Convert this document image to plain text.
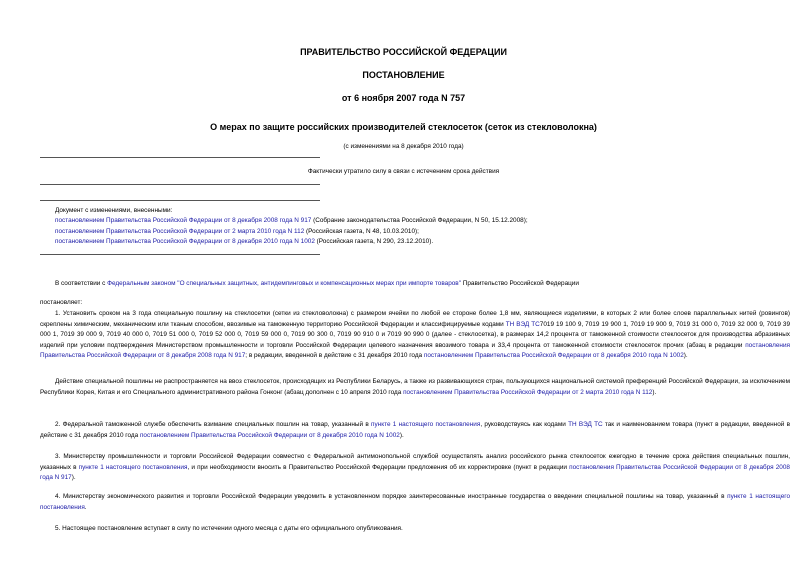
ПРАВИТЕЛЬСТВО РОССИЙСКОЙ ФЕДЕРАЦИИ
ПОСТАНОВЛЕНИЕ
от 6 ноября 2007 года N 757
О мерах по защите российских производителей стеклосеток (сеток из стекловолокна)
(с изменениями на 8 декабря 2010 года)
Фактически утратило силу в связи с истечением срока действия
Документ с изменениями, внесенными:
постановлением Правительства Российской Федерации от 8 декабря 2008 года N 917 (Собрание законодательства Российской Федерации, N 50, 15.12.2008);
постановлением Правительства Российской Федерации от 2 марта 2010 года N 112 (Российская газета, N 48, 10.03.2010);
постановлением Правительства Российской Федерации от 8 декабря 2010 года N 1002 (Российская газета, N 290, 23.12.2010).
В соответствии с Федеральным законом "О специальных защитных, антидемпинговых и компенсационных мерах при импорте товаров" Правительство Российской Федерации
постановляет:
1. Установить сроком на 3 года специальную пошлину на стеклосетки (сетки из стекловолокна) с размером ячейки по любой ее стороне более 1,8 мм, являющиеся изделиями, в которых 2 или более слоев параллельных нитей (ровингов) скреплены химическим, механическим или тканым способом, ввозимые на таможенную территорию Российской Федерации и классифицируемые кодами ТН ВЭД ТС7019 19 100 9, 7019 19 900 1, 7019 19 900 9, 7019 31 000 0, 7019 32 000 9, 7019 39 000 1, 7019 39 000 9, 7019 40 000 0, 7019 51 000 0, 7019 52 000 0, 7019 59 000 0, 7019 90 300 0, 7019 90 910 0 и 7019 90 990 0 (далее - стеклосетка), в размерах 14,2 процента от таможенной стоимости стеклосеток для производства абразивных изделий при условии подтверждения Министерством промышленности и торговли Российской Федерации целевого назначения ввозимого товара и 33,4 процента от таможенной стоимости стеклосеток прочих (абзац в редакции постановления Правительства Российской Федерации от 8 декабря 2008 года N 917; в редакции, введенной в действие с 31 декабря 2010 года постановлением Правительства Российской Федерации от 8 декабря 2010 года N 1002).
Действие специальной пошлины не распространяется на ввоз стеклосеток, происходящих из Республики Беларусь, а также из развивающихся стран, пользующихся национальной системой преференций Российской Федерации, за исключением Республики Корея, Китая и его Специального административного района Гонконг (абзац дополнен с 10 апреля 2010 года постановлением Правительства Российской Федерации от 2 марта 2010 года N 112).
2. Федеральной таможенной службе обеспечить взимание специальных пошлин на товар, указанный в пункте 1 настоящего постановления, руководствуясь как кодами ТН ВЭД ТС так и наименованием товара (пункт в редакции, введенной в действие с 31 декабря 2010 года постановлением Правительства Российской Федерации от 8 декабря 2010 года N 1002).
3. Министерству промышленности и торговли Российской Федерации совместно с Федеральной антимонопольной службой осуществлять анализ российского рынка стеклосеток ежегодно в течение срока действия специальных пошлин, указанных в пункте 1 настоящего постановления, и при необходимости вносить в Правительство Российской Федерации предложения об их корректировке (пункт в редакции постановления Правительства Российской Федерации от 8 декабря 2008 года N 917).
4. Министерству экономического развития и торговли Российской Федерации уведомить в установленном порядке заинтересованные иностранные государства о введении специальной пошлины на товар, указанный в пункте 1 настоящего постановления.
5. Настоящее постановление вступает в силу по истечении одного месяца с даты его официального опубликования.
